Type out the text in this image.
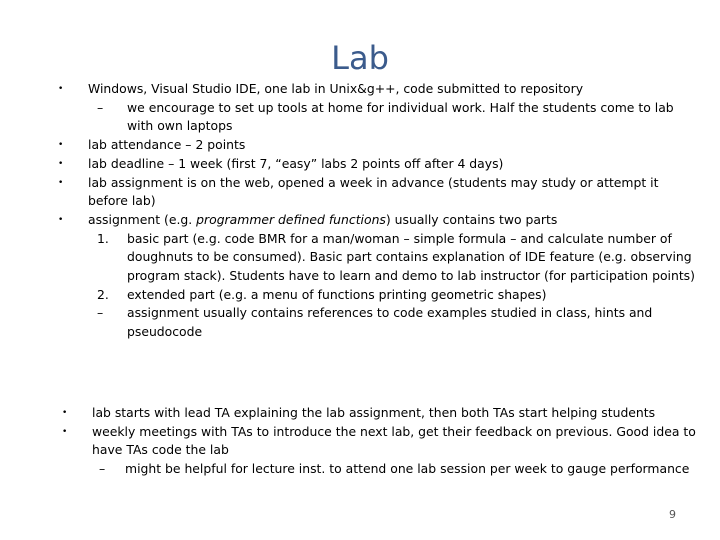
Lab
• Windows, Visual Studio IDE, one lab in Unix&g++, code submitted to repository
– we encourage to set up tools at home for individual work. Half the students come to lab with own laptops
• lab attendance – 2 points
• lab deadline – 1 week (first 7, “easy” labs 2 points off after 4 days)
• lab assignment is on the web, opened a week in advance (students may study or attempt it before lab)
• assignment (e.g. programmer defined functions) usually contains two parts
1. basic part (e.g. code BMR for a man/woman – simple formula – and calculate number of doughnuts to be consumed). Basic part contains explanation of IDE feature (e.g. observing program stack). Students have to learn and demo to lab instructor (for participation points)
2. extended part (e.g. a menu of functions printing geometric shapes)
– assignment usually contains references to code examples studied in class, hints and pseudocode
• lab starts with lead TA explaining the lab assignment, then both TAs start helping students
• weekly meetings with TAs to introduce the next lab, get their feedback on previous. Good idea to have TAs code the lab
– might be helpful for lecture inst. to attend one lab session per week to gauge performance
9
